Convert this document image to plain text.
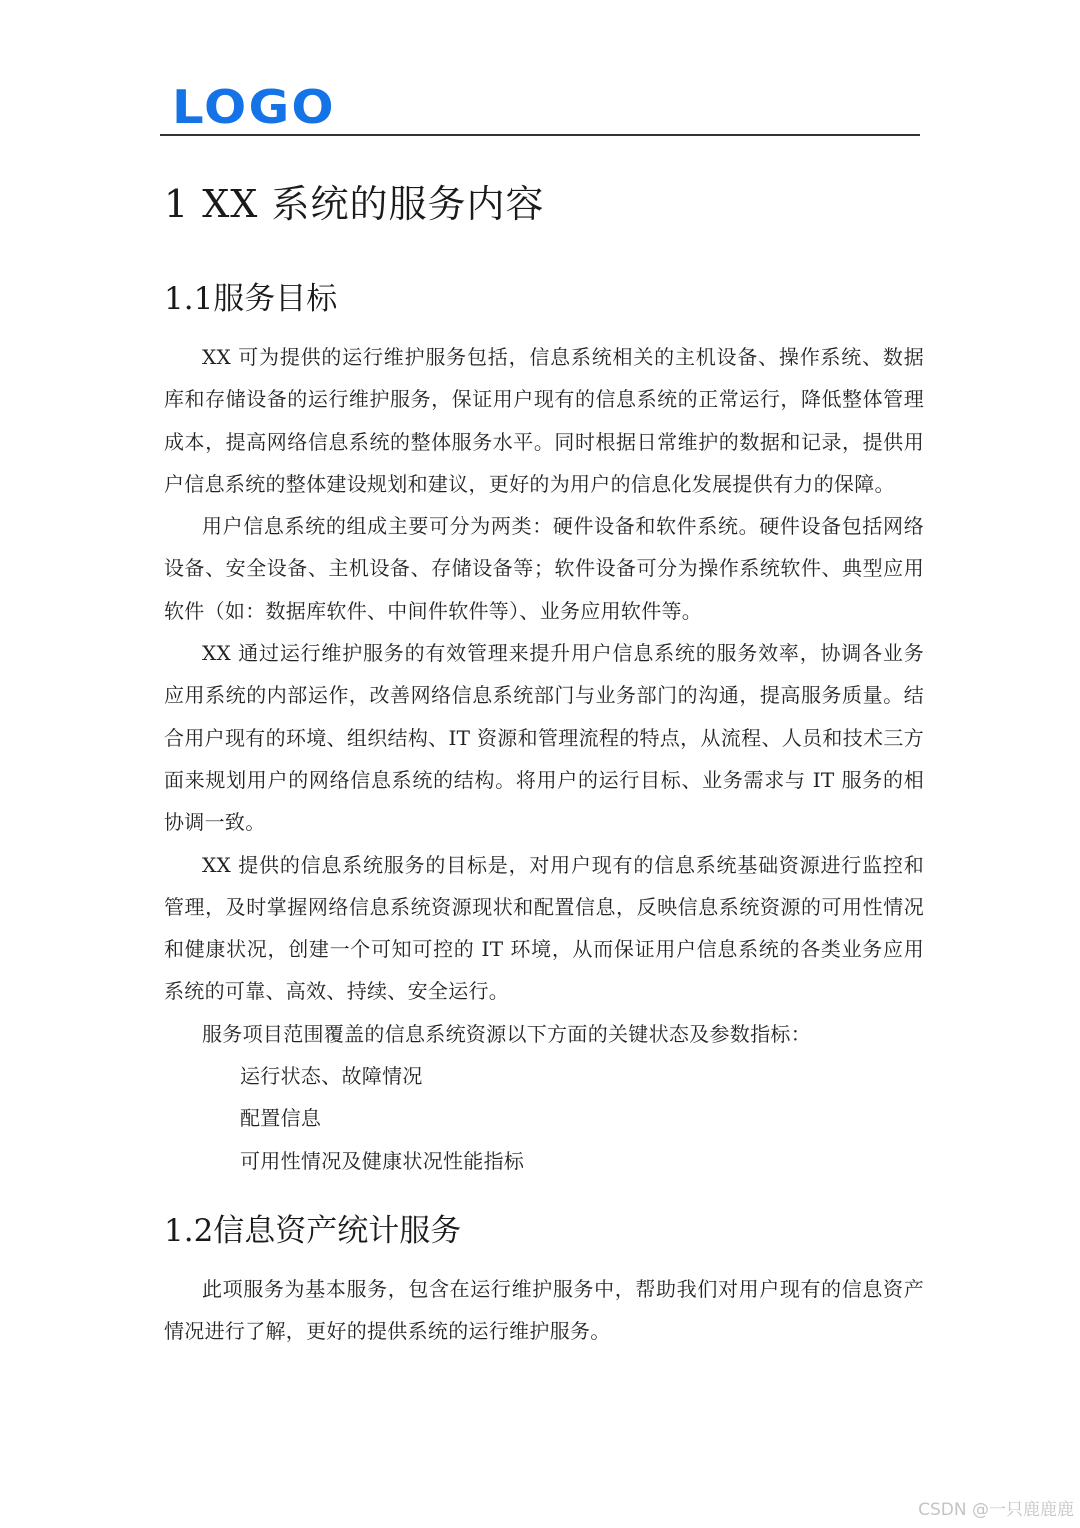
LOGO
1 XX 系统的服务内容
1.1服务目标

XX 可为提供的运行维护服务包括，信息系统相关的主机设备、操作系统、数据库和存储设备的运行维护服务，保证用户现有的信息系统的正常运行，降低整体管理成本，提高网络信息系统的整体服务水平。同时根据日常维护的数据和记录，提供用户信息系统的整体建设规划和建议，更好的为用户的信息化发展提供有力的保障。

用户信息系统的组成主要可分为两类：硬件设备和软件系统。硬件设备包括网络设备、安全设备、主机设备、存储设备等；软件设备可分为操作系统软件、典型应用软件（如：数据库软件、中间件软件等）、业务应用软件等。

XX 通过运行维护服务的有效管理来提升用户信息系统的服务效率，协调各业务应用系统的内部运作，改善网络信息系统部门与业务部门的沟通，提高服务质量。结合用户现有的环境、组织结构、IT 资源和管理流程的特点，从流程、人员和技术三方面来规划用户的网络信息系统的结构。将用户的运行目标、业务需求与 IT 服务的相协调一致。

XX 提供的信息系统服务的目标是，对用户现有的信息系统基础资源进行监控和管理，及时掌握网络信息系统资源现状和配置信息，反映信息系统资源的可用性情况和健康状况，创建一个可知可控的 IT 环境，从而保证用户信息系统的各类业务应用系统的可靠、高效、持续、安全运行。

服务项目范围覆盖的信息系统资源以下方面的关键状态及参数指标：

运行状态、故障情况
配置信息
可用性情况及健康状况性能指标
1.2信息资产统计服务

此项服务为基本服务，包含在运行维护服务中，帮助我们对用户现有的信息资产情况进行了解，更好的提供系统的运行维护服务。

CSDN @一只鹿鹿鹿
